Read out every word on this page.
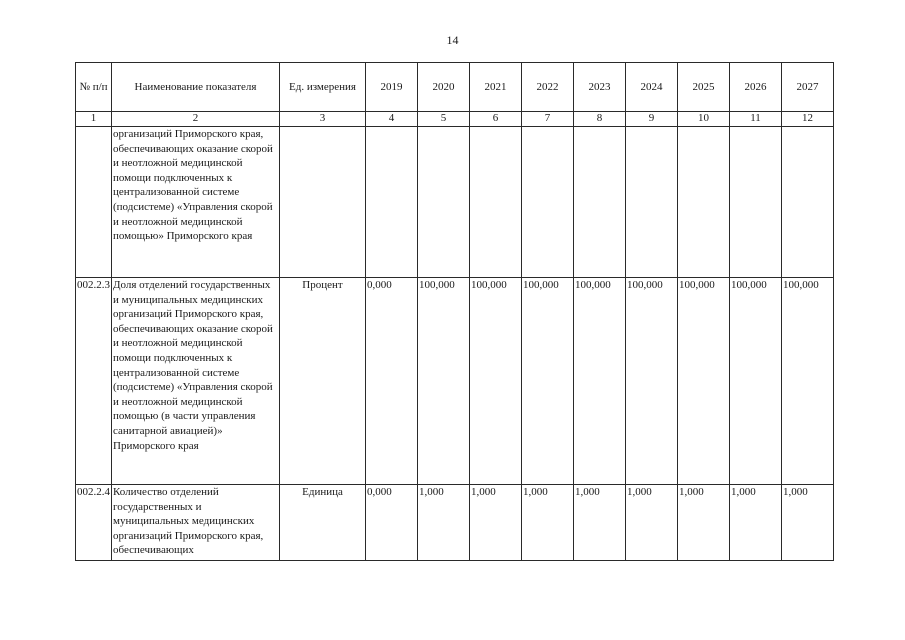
14
№ п/п	Наименование показателя	Ед. измерения	2019	2020	2021	2022	2023	2024	2025	2026	2027
1	2	3	4	5	6	7	8	9	10	11	12
	организаций Приморского края, обеспечивающих оказание скорой и неотложной медицинской помощи подключенных к централизованной системе (подсистеме) «Управления скорой и неотложной медицинской помощью» Приморского края										
002.2.3	Доля отделений государственных и муниципальных медицинских организаций Приморского края, обеспечивающих оказание скорой и неотложной медицинской помощи подключенных к централизованной системе (подсистеме) «Управления скорой и неотложной медицинской помощью (в части управления санитарной авиацией)» Приморского края	Процент	0,000	100,000	100,000	100,000	100,000	100,000	100,000	100,000	100,000
002.2.4	Количество отделений государственных и муниципальных медицинских организаций Приморского края, обеспечивающих	Единица	0,000	1,000	1,000	1,000	1,000	1,000	1,000	1,000	1,000
